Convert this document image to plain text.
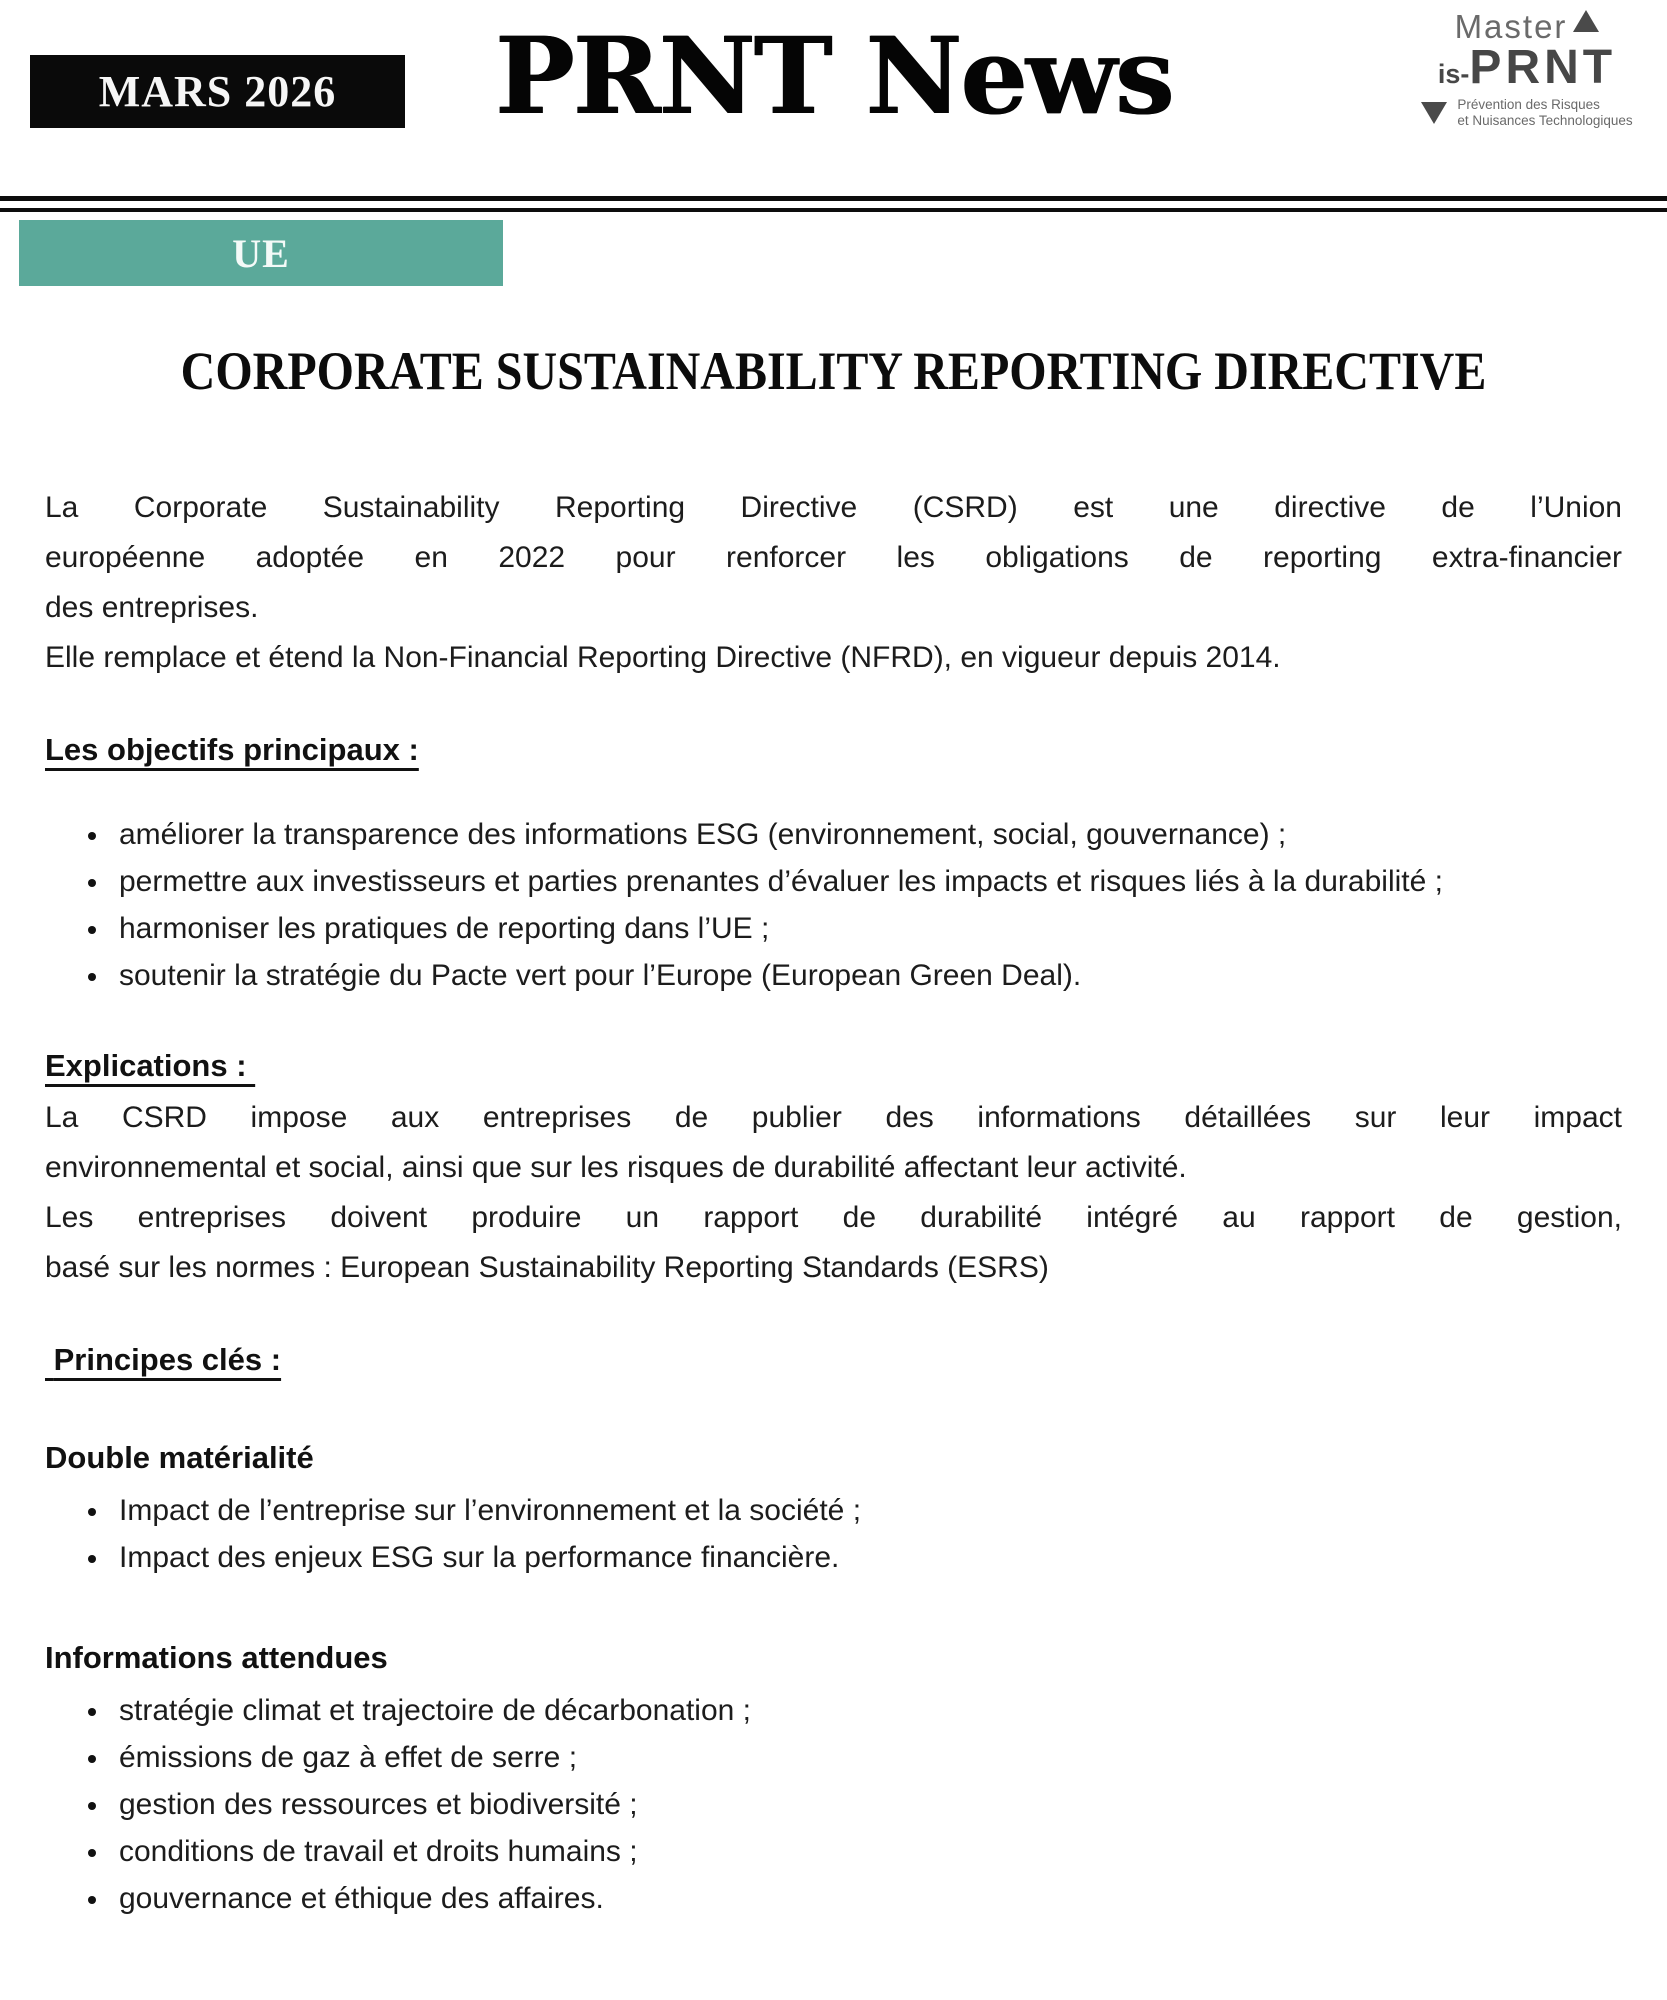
MARS 2026 PRNT News	Master
is- PRNT
Prévention des Risques
et Nuisances Technologiques
UE
CORPORATE SUSTAINABILITY REPORTING DIRECTIVE
La Corporate Sustainability Reporting Directive (CSRD) est une directive de l’Union
européenne adoptée en 2022 pour renforcer les obligations de reporting extra-financier
des entreprises.
Elle remplace et étend la Non-Financial Reporting Directive (NFRD), en vigueur depuis 2014.
Les objectifs principaux :
• améliorer la transparence des informations ESG (environnement, social, gouvernance) ;
• permettre aux investisseurs et parties prenantes d’évaluer les impacts et risques liés à la durabilité ;
• harmoniser les pratiques de reporting dans l’UE ;
• soutenir la stratégie du Pacte vert pour l’Europe (European Green Deal).
Explications :
La CSRD impose aux entreprises de publier des informations détaillées sur leur impact
environnemental et social, ainsi que sur les risques de durabilité affectant leur activité.
Les entreprises doivent produire un rapport de durabilité intégré au rapport de gestion,
basé sur les normes : European Sustainability Reporting Standards (ESRS)
Principes clés :
Double matérialité
• Impact de l’entreprise sur l’environnement et la société ;
• Impact des enjeux ESG sur la performance financière.
Informations attendues
• stratégie climat et trajectoire de décarbonation ;
• émissions de gaz à effet de serre ;
• gestion des ressources et biodiversité ;
• conditions de travail et droits humains ;
• gouvernance et éthique des affaires.
